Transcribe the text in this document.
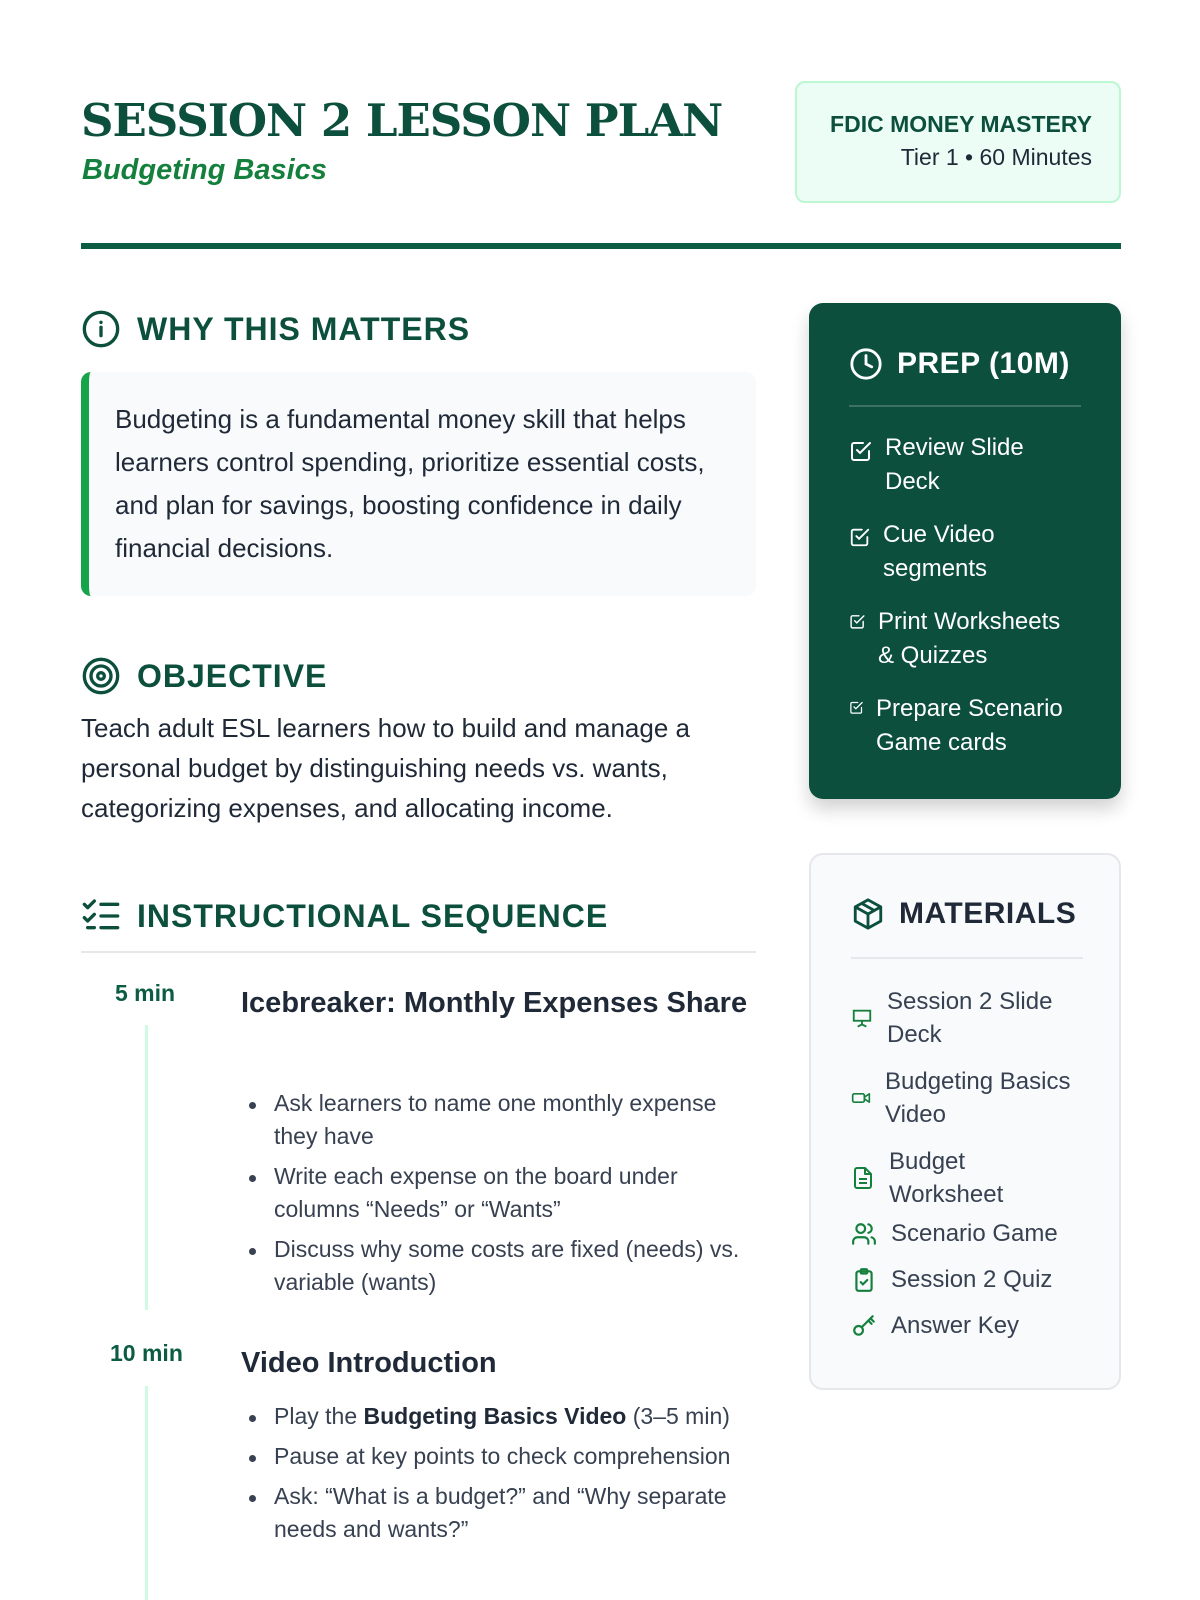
SESSION 2 LESSON PLAN
Budgeting Basics
FDIC MONEY MASTERY
Tier 1 • 60 Minutes
WHY THIS MATTERS
Budgeting is a fundamental money skill that helps learners control spending, prioritize essential costs, and plan for savings, boosting confidence in daily financial decisions.
OBJECTIVE
Teach adult ESL learners how to build and manage a personal budget by distinguishing needs vs. wants, categorizing expenses, and allocating income.
INSTRUCTIONAL SEQUENCE
5 min Icebreaker: Monthly Expenses Share
Ask learners to name one monthly expense they have
Write each expense on the board under columns “Needs” or “Wants”
Discuss why some costs are fixed (needs) vs. variable (wants)
10 min Video Introduction
Play the Budgeting Basics Video (3–5 min)
Pause at key points to check comprehension
Ask: “What is a budget?” and “Why separate needs and wants?”
PREP (10M)
Review Slide Deck
Cue Video segments
Print Worksheets & Quizzes
Prepare Scenario Game cards
MATERIALS
Session 2 Slide Deck
Budgeting Basics Video
Budget Worksheet
Scenario Game
Session 2 Quiz
Answer Key
